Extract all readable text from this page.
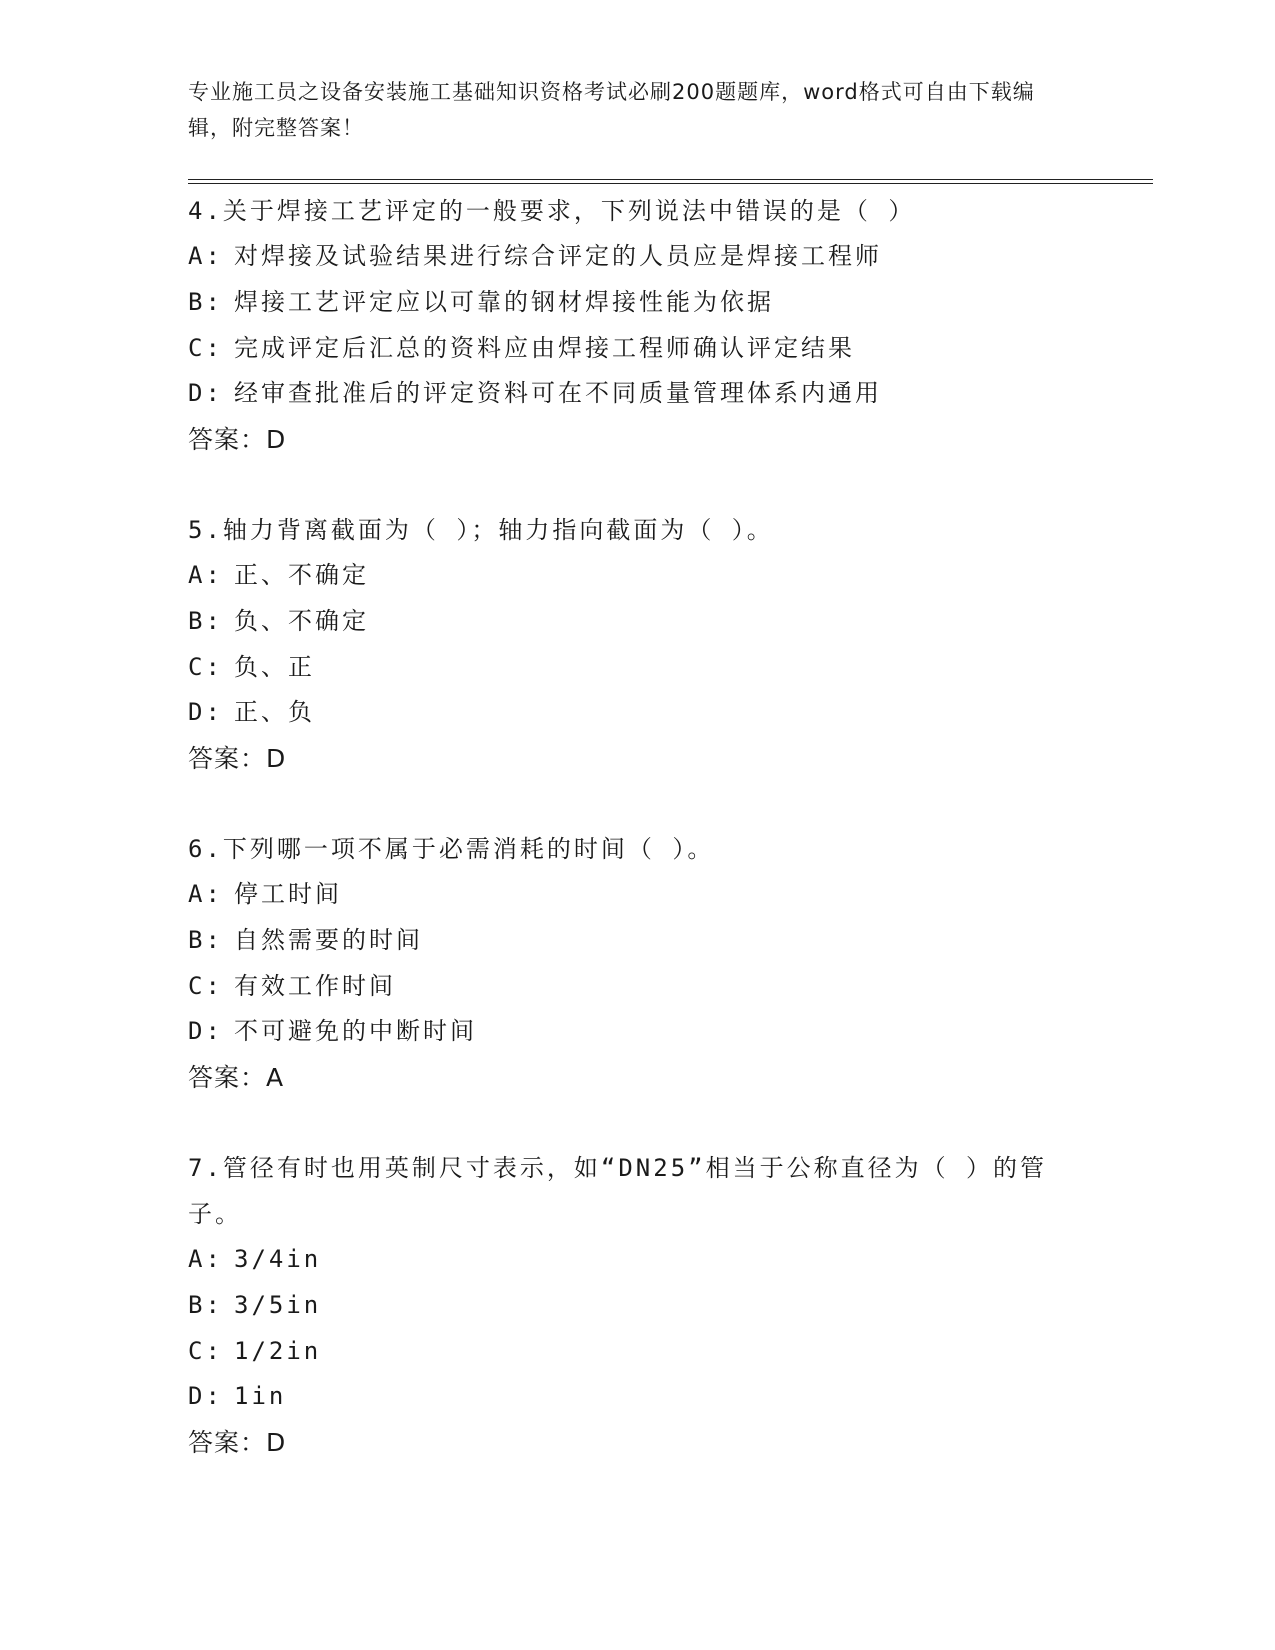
专业施工员之设备安装施工基础知识资格考试必刷200题题库，word格式可自由下载编辑，附完整答案！
4.关于焊接工艺评定的一般要求，下列说法中错误的是（ ）
A: 对焊接及试验结果进行综合评定的人员应是焊接工程师
B: 焊接工艺评定应以可靠的钢材焊接性能为依据
C: 完成评定后汇总的资料应由焊接工程师确认评定结果
D: 经审查批准后的评定资料可在不同质量管理体系内通用
答案：D
5.轴力背离截面为（ ）；轴力指向截面为（ ）。
A: 正、不确定
B: 负、不确定
C: 负、正
D: 正、负
答案：D
6.下列哪一项不属于必需消耗的时间（ ）。
A: 停工时间
B: 自然需要的时间
C: 有效工作时间
D: 不可避免的中断时间
答案：A
7.管径有时也用英制尺寸表示，如“DN25”相当于公称直径为（ ）的管子。
A: 3/4in
B: 3/5in
C: 1/2in
D: 1in
答案：D
